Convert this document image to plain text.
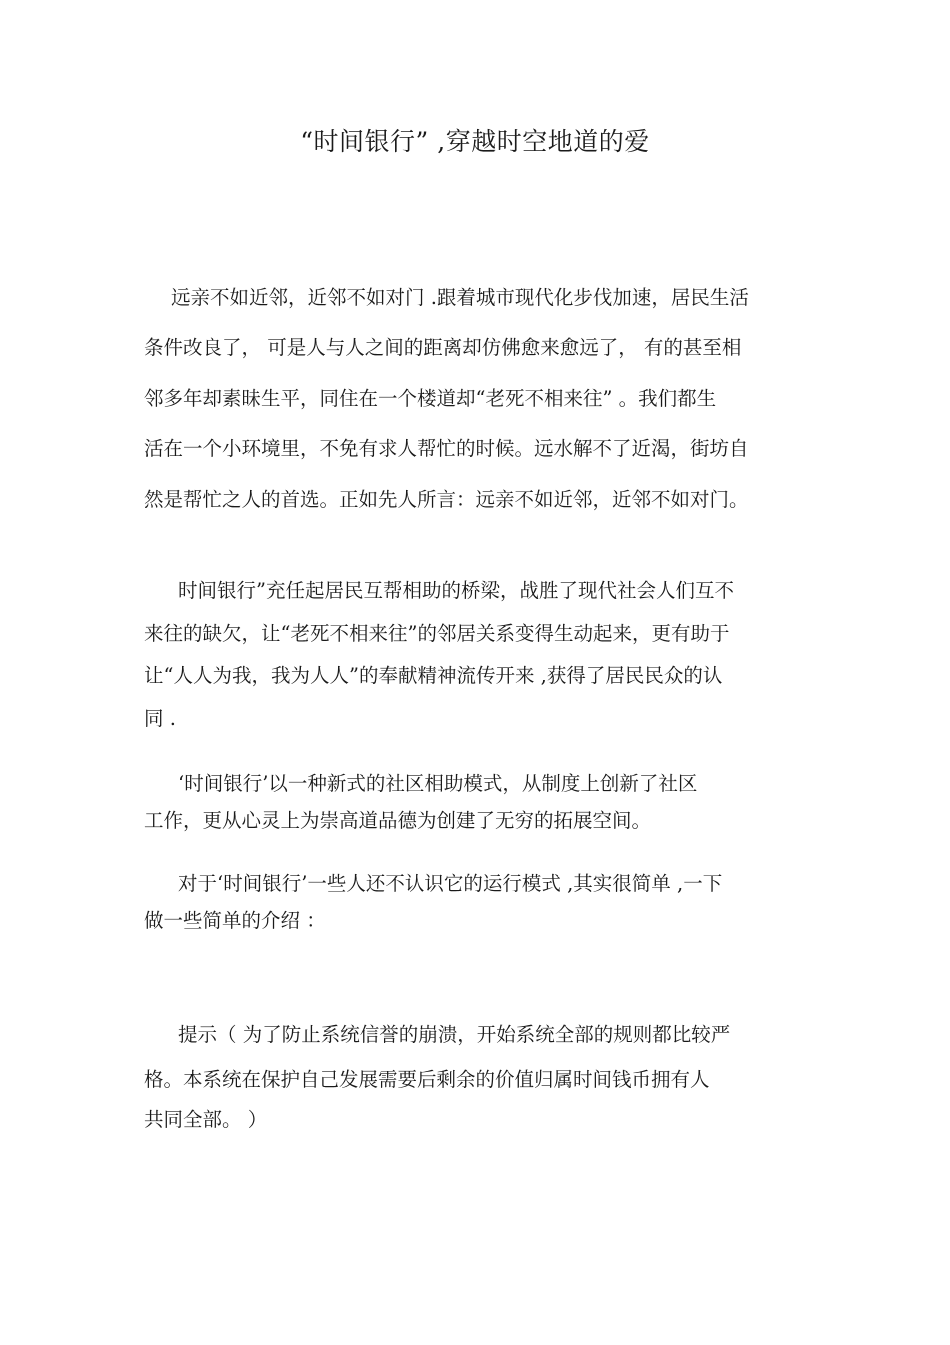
“时间银行” ,穿越时空地道的爱
远亲不如近邻，近邻不如对门 .跟着城市现代化步伐加速，居民生活
条件改良了， 可是人与人之间的距离却仿佛愈来愈远了， 有的甚至相
邻多年却素昧生平，同住在一个楼道却“老死不相来往” 。我们都生
活在一个小环境里，不免有求人帮忙的时候。远水解不了近渴，街坊自
然是帮忙之人的首选。正如先人所言：远亲不如近邻，近邻不如对门。
时间银行”充任起居民互帮相助的桥梁，战胜了现代社会人们互不
来往的缺欠，让“老死不相来往”的邻居关系变得生动起来，更有助于
让“人人为我，我为人人”的奉献精神流传开来 ,获得了居民民众的认
同 .
‘时间银行’以一种新式的社区相助模式，从制度上创新了社区
工作，更从心灵上为崇高道品德为创建了无穷的拓展空间。
对于‘时间银行’一些人还不认识它的运行模式 ,其实很简单 ,一下
做一些简单的介绍 ：
提示（ 为了防止系统信誉的崩溃，开始系统全部的规则都比较严
格。本系统在保护自己发展需要后剩余的价值归属时间钱币拥有人
共同全部。 ）
